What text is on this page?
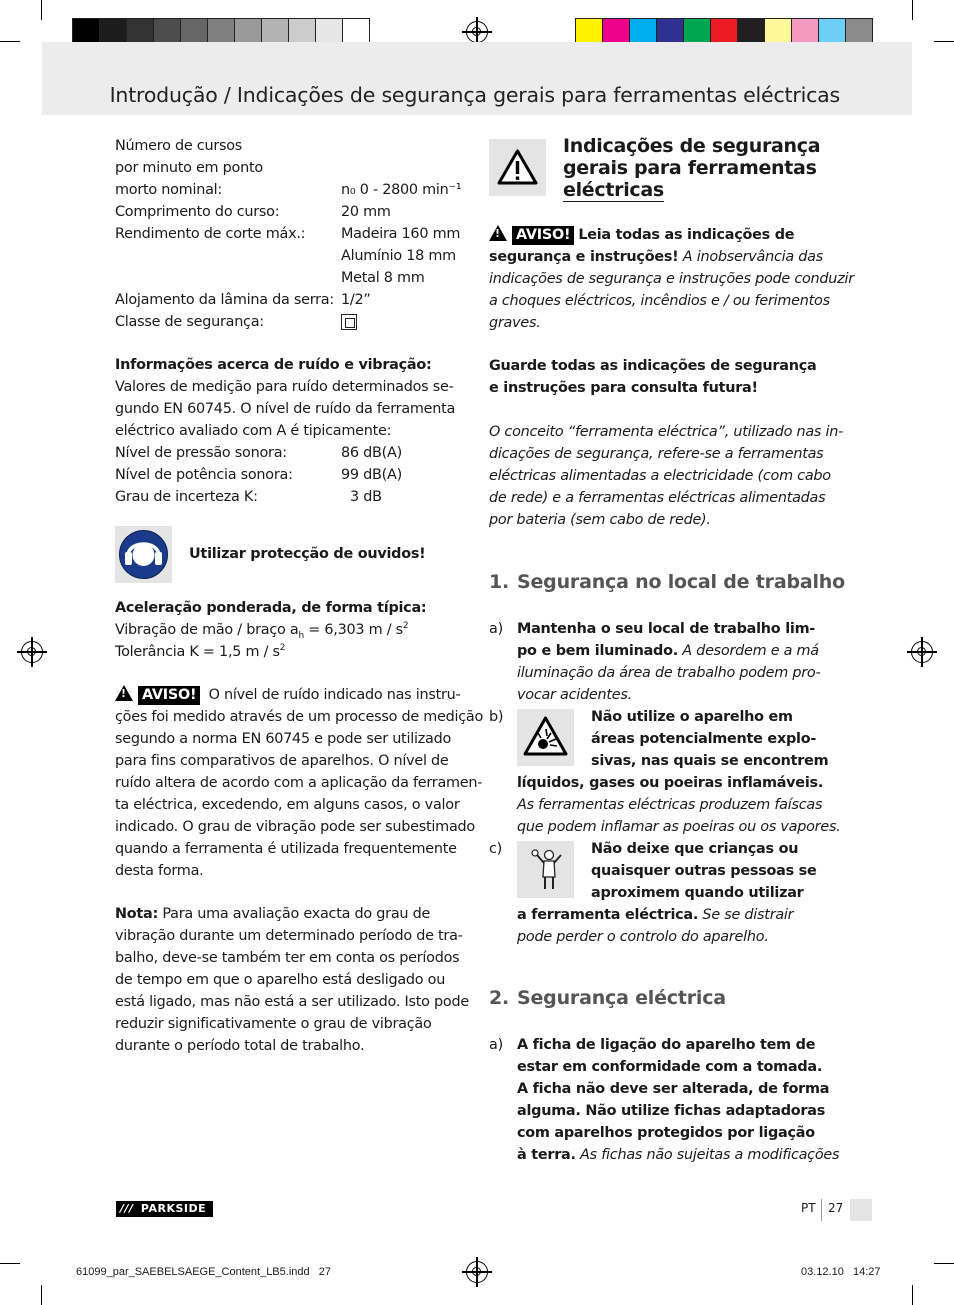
Introdução / Indicações de segurança gerais para ferramentas eléctricas
Número de cursos
por minuto em ponto
morto nominal:	n₀ 0 - 2800 min⁻¹
Comprimento do curso:	20 mm
Rendimento de corte máx.: Madeira 160 mm
Alumínio 18 mm
Metal 8 mm
Alojamento da lâmina da serra: 1/2”
Classe de segurança:
Informações acerca de ruído e vibração:
Valores de medição para ruído determinados se-
gundo EN 60745. O nível de ruído da ferramenta
eléctrico avaliado com A é tipicamente:
Nível de pressão sonora:	86 dB(A)
Nível de potência sonora:	99 dB(A)
Grau de incerteza K:	3 dB
Utilizar protecção de ouvidos!
Aceleração ponderada, de forma típica:
Vibração de mão / braço $a_h = 6,303$ m / $s^2$
Tolerância K = 1,5 m / $s^2$
!AVISO! O nível de ruído indicado nas instru-
ções foi medido através de um processo de medição
segundo a norma EN 60745 e pode ser utilizado
para fins comparativos de aparelhos. O nível de
ruído altera de acordo com a aplicação da ferramen-
ta eléctrica, excedendo, em alguns casos, o valor
indicado. O grau de vibração pode ser subestimado
quando a ferramenta é utilizada frequentemente
desta forma.
Nota: Para uma avaliação exacta do grau de
vibração durante um determinado período de tra-
balho, deve-se também ter em conta os períodos
de tempo em que o aparelho está desligado ou
está ligado, mas não está a ser utilizado. Isto pode
reduzir significativamente o grau de vibração
durante o período total de trabalho.
Indicações de segurança
gerais para ferramentas
eléctricas
!AVISO! Leia todas as indicações de
segurança e instruções! A inobservância das
indicações de segurança e instruções pode conduzir
a choques eléctricos, incêndios e / ou ferimentos
graves.
Guarde todas as indicações de segurança
e instruções para consulta futura!
O conceito “ferramenta eléctrica”, utilizado nas in-
dicações de segurança, refere-se a ferramentas
eléctricas alimentadas a electricidade (com cabo
de rede) e a ferramentas eléctricas alimentadas
por bateria (sem cabo de rede).
1. Segurança no local de trabalho
a) Mantenha o seu local de trabalho lim-
po e bem iluminado. A desordem e a má
iluminação da área de trabalho podem pro-
vocar acidentes.
b)	Não utilize o aparelho em
áreas potencialmente explo-
sivas, nas quais se encontrem
líquidos, gases ou poeiras inflamáveis.
As ferramentas eléctricas produzem faíscas
que podem inflamar as poeiras ou os vapores.
c)	Não deixe que crianças ou
quaisquer outras pessoas se
aproximem quando utilizar
a ferramenta eléctrica. Se se distrair
pode perder o controlo do aparelho.
2. Segurança eléctrica
a) A ficha de ligação do aparelho tem de
estar em conformidade com a tomada.
A ficha não deve ser alterada, de forma
alguma. Não utilize fichas adaptadoras
com aparelhos protegidos por ligação
à terra. As fichas não sujeitas a modificações
/// PARKSIDE	PT 27
61099_par_SAEBELSAEGE_Content_LB5.indd   27	03.12.10   14:27
